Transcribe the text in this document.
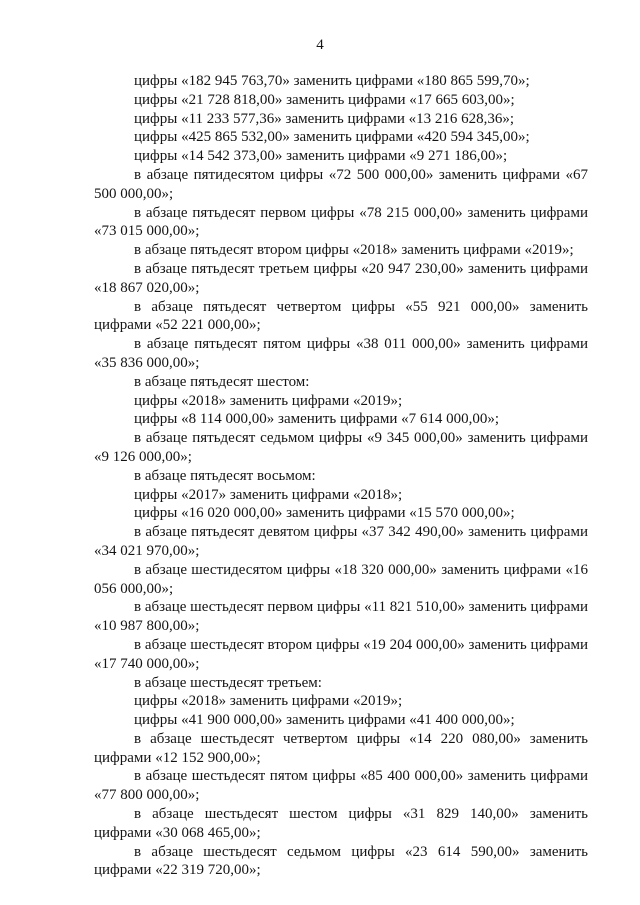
4

цифры «182 945 763,70» заменить цифрами «180 865 599,70»;

цифры «21 728 818,00» заменить цифрами «17 665 603,00»;

цифры «11 233 577,36» заменить цифрами «13 216 628,36»;

цифры «425 865 532,00» заменить цифрами «420 594 345,00»;

цифры «14 542 373,00» заменить цифрами «9 271 186,00»;

в абзаце пятидесятом цифры «72 500 000,00» заменить цифрами «67 500 000,00»;

в абзаце пятьдесят первом цифры «78 215 000,00» заменить цифрами «73 015 000,00»;

в абзаце пятьдесят втором цифры «2018» заменить цифрами «2019»;

в абзаце пятьдесят третьем цифры «20 947 230,00» заменить цифрами «18 867 020,00»;

в абзаце пятьдесят четвертом цифры «55 921 000,00» заменить цифрами «52 221 000,00»;

в абзаце пятьдесят пятом цифры «38 011 000,00» заменить цифрами «35 836 000,00»;

в абзаце пятьдесят шестом:

цифры «2018» заменить цифрами «2019»;

цифры «8 114 000,00» заменить цифрами «7 614 000,00»;

в абзаце пятьдесят седьмом цифры «9 345 000,00» заменить цифрами «9 126 000,00»;

в абзаце пятьдесят восьмом:

цифры «2017» заменить цифрами «2018»;

цифры «16 020 000,00» заменить цифрами «15 570 000,00»;

в абзаце пятьдесят девятом цифры «37 342 490,00» заменить цифрами «34 021 970,00»;

в абзаце шестидесятом цифры «18 320 000,00» заменить цифрами «16 056 000,00»;

в абзаце шестьдесят первом цифры «11 821 510,00» заменить цифрами «10 987 800,00»;

в абзаце шестьдесят втором цифры «19 204 000,00» заменить цифрами «17 740 000,00»;

в абзаце шестьдесят третьем:

цифры «2018» заменить цифрами «2019»;

цифры «41 900 000,00» заменить цифрами «41 400 000,00»;

в абзаце шестьдесят четвертом цифры «14 220 080,00» заменить цифрами «12 152 900,00»;

в абзаце шестьдесят пятом цифры «85 400 000,00» заменить цифрами «77 800 000,00»;

в абзаце шестьдесят шестом цифры «31 829 140,00» заменить цифрами «30 068 465,00»;

в абзаце шестьдесят седьмом цифры «23 614 590,00» заменить цифрами «22 319 720,00»;
